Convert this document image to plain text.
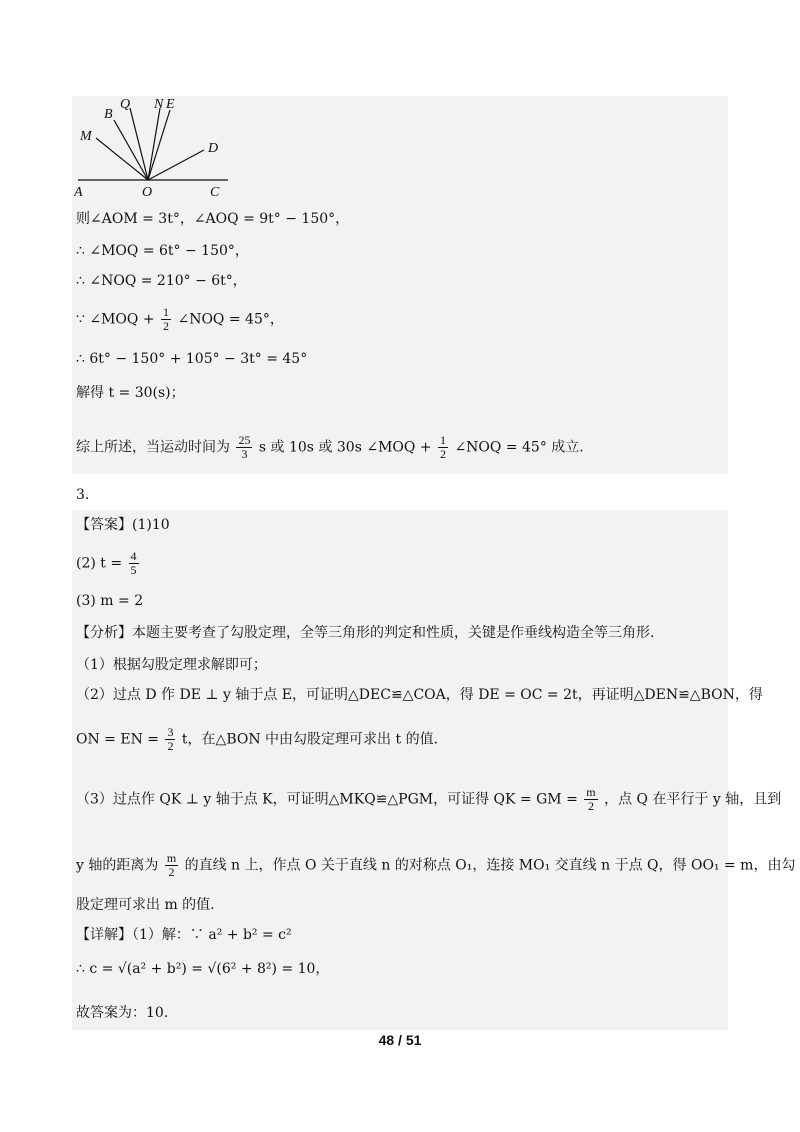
B
Q N E
M
D
A	O	C
则∠AOM = 3t°，∠AOQ = 9t° − 150°，
∴ ∠MOQ = 6t° − 150°，
∴ ∠NOQ = 210° − 6t°，
∵ ∠MOQ + $\frac{1}{2}$ ∠NOQ = 45°，
∴ 6t° − 150° + 105° − 3t° = 45°
解得 t = 30(s)；
综上所述，当运动时间为 $\frac{25}{3}$ s 或 10s 或 30s ∠MOQ + $\frac{1}{2}$ ∠NOQ = 45° 成立.
3.
【答案】(1)10
(2) $t = \frac{4}{5}$
(3) m = 2
【分析】本题主要考查了勾股定理，全等三角形的判定和性质，关键是作垂线构造全等三角形.
（1）根据勾股定理求解即可；
（2）过点 D 作 DE ⊥ y 轴于点 E，可证明△DEC≌△COA，得 DE = OC = 2t，再证明△DEN≌△BON，得
ON = EN = $\frac{3}{2}$ t，在△BON 中由勾股定理可求出 t 的值.
（3）过点作 QK ⊥ y 轴于点 K，可证明△MKQ≌△PGM，可证得 QK = GM = $\frac{m}{2}$ ，点 Q 在平行于 y 轴，且到
y 轴的距离为 $\frac{m}{2}$ 的直线 n 上，作点 O 关于直线 n 的对称点 O₁，连接 MO₁ 交直线 n 于点 Q，得 OO₁ = m，由勾
股定理可求出 m 的值.
【详解】（1）解：∵ a² + b² = c²
∴ c = √(a² + b²) = √(6² + 8²) = 10，
故答案为：10.
48 / 51
